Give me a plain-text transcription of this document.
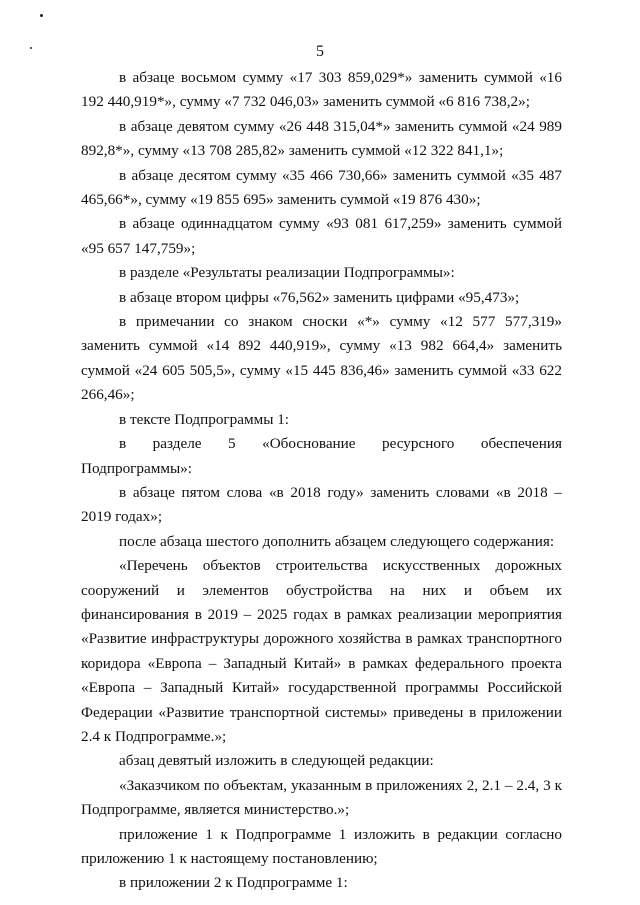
5

в абзаце восьмом сумму «17 303 859,029*» заменить суммой «16 192 440,919*», сумму «7 732 046,03» заменить суммой «6 816 738,2»;

в абзаце девятом сумму «26 448 315,04*» заменить суммой «24 989 892,8*», сумму «13 708 285,82» заменить суммой «12 322 841,1»;

в абзаце десятом сумму «35 466 730,66» заменить суммой «35 487 465,66*», сумму «19 855 695» заменить суммой «19 876 430»;

в абзаце одиннадцатом сумму «93 081 617,259» заменить суммой «95 657 147,759»;

в разделе «Результаты реализации Подпрограммы»:

в абзаце втором цифры «76,562» заменить цифрами «95,473»;

в примечании со знаком сноски «*» сумму «12 577 577,319» заменить суммой «14 892 440,919», сумму «13 982 664,4» заменить суммой «24 605 505,5», сумму «15 445 836,46» заменить суммой «33 622 266,46»;

в тексте Подпрограммы 1:

в разделе 5 «Обоснование ресурсного обеспечения Подпрограммы»:

в абзаце пятом слова «в 2018 году» заменить словами «в 2018 – 2019 годах»;

после абзаца шестого дополнить абзацем следующего содержания:

«Перечень объектов строительства искусственных дорожных сооружений и элементов обустройства на них и объем их финансирования в 2019 – 2025 годах в рамках реализации мероприятия «Развитие инфраструктуры дорожного хозяйства в рамках транспортного коридора «Европа – Западный Китай» в рамках федерального проекта «Европа – Западный Китай» государственной программы Российской Федерации «Развитие транспортной системы» приведены в приложении 2.4 к Подпрограмме.»;

абзац девятый изложить в следующей редакции:

«Заказчиком по объектам, указанным в приложениях 2, 2.1 – 2.4, 3 к Подпрограмме, является министерство.»;

приложение 1 к Подпрограмме 1 изложить в редакции согласно приложению 1 к настоящему постановлению;

в приложении 2 к Подпрограмме 1:
